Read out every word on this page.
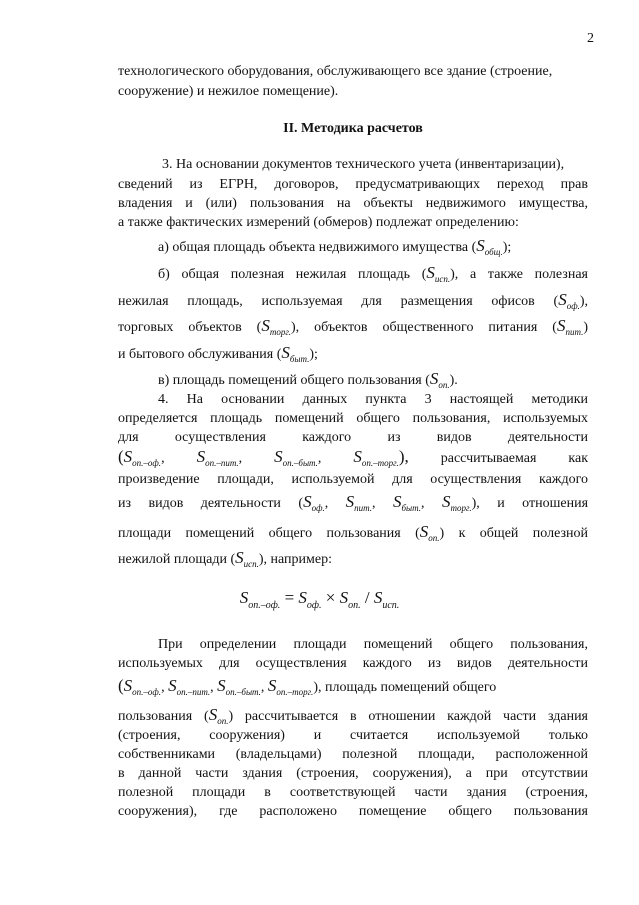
2
технологического оборудования, обслуживающего все здание (строение,
сооружение) и нежилое помещение).
II. Методика расчетов
3. На основании документов технического учета (инвентаризации),
сведений из ЕГРН, договоров, предусматривающих переход прав
владения и (или) пользования на объекты недвижимого имущества,
а также фактических измерений (обмеров) подлежат определению:
а) общая площадь объекта недвижимого имущества $(S_{общ.})$;
б) общая полезная нежилая площадь $(S_{исп.})$, а также полезная
нежилая площадь, используемая для размещения офисов $(S_{оф.})$,
торговых объектов $(S_{торг.})$, объектов общественного питания $(S_{пит.})$
и бытового обслуживания $(S_{быт.})$;
в) площадь помещений общего пользования $(S_{оп.})$.
4. На основании данных пункта 3 настоящей методики
определяется площадь помещений общего пользования, используемых
для осуществления каждого из видов деятельности
($S_{оп.-оф.}$, $S_{оп.-пит.}$, $S_{оп.-быт.}$, $S_{оп.-торг.}$), рассчитываемая как
произведение площади, используемой для осуществления каждого
из видов деятельности ($S_{оф.}$, $S_{пит.}$, $S_{быт.}$, $S_{торг.}$), и отношения
площади помещений общего пользования $(S_{оп.})$ к общей полезной
нежилой площади $(S_{исп.})$, например:
$S_{оп.-оф.} = S_{оф.} \times S_{оп.} / S_{исп.}$
При определении площади помещений общего пользования,
используемых для осуществления каждого из видов деятельности
($S_{оп.-оф.}$, $S_{оп.-пит.}$, $S_{оп.-быт.}$, $S_{оп.-торг.}$), площадь помещений общего
пользования $(S_{оп.})$ рассчитывается в отношении каждой части здания
(строения, сооружения) и считается используемой только
собственниками (владельцами) полезной площади, расположенной
в данной части здания (строения, сооружения), а при отсутствии
полезной площади в соответствующей части здания (строения,
сооружения), где расположено помещение общего пользования
